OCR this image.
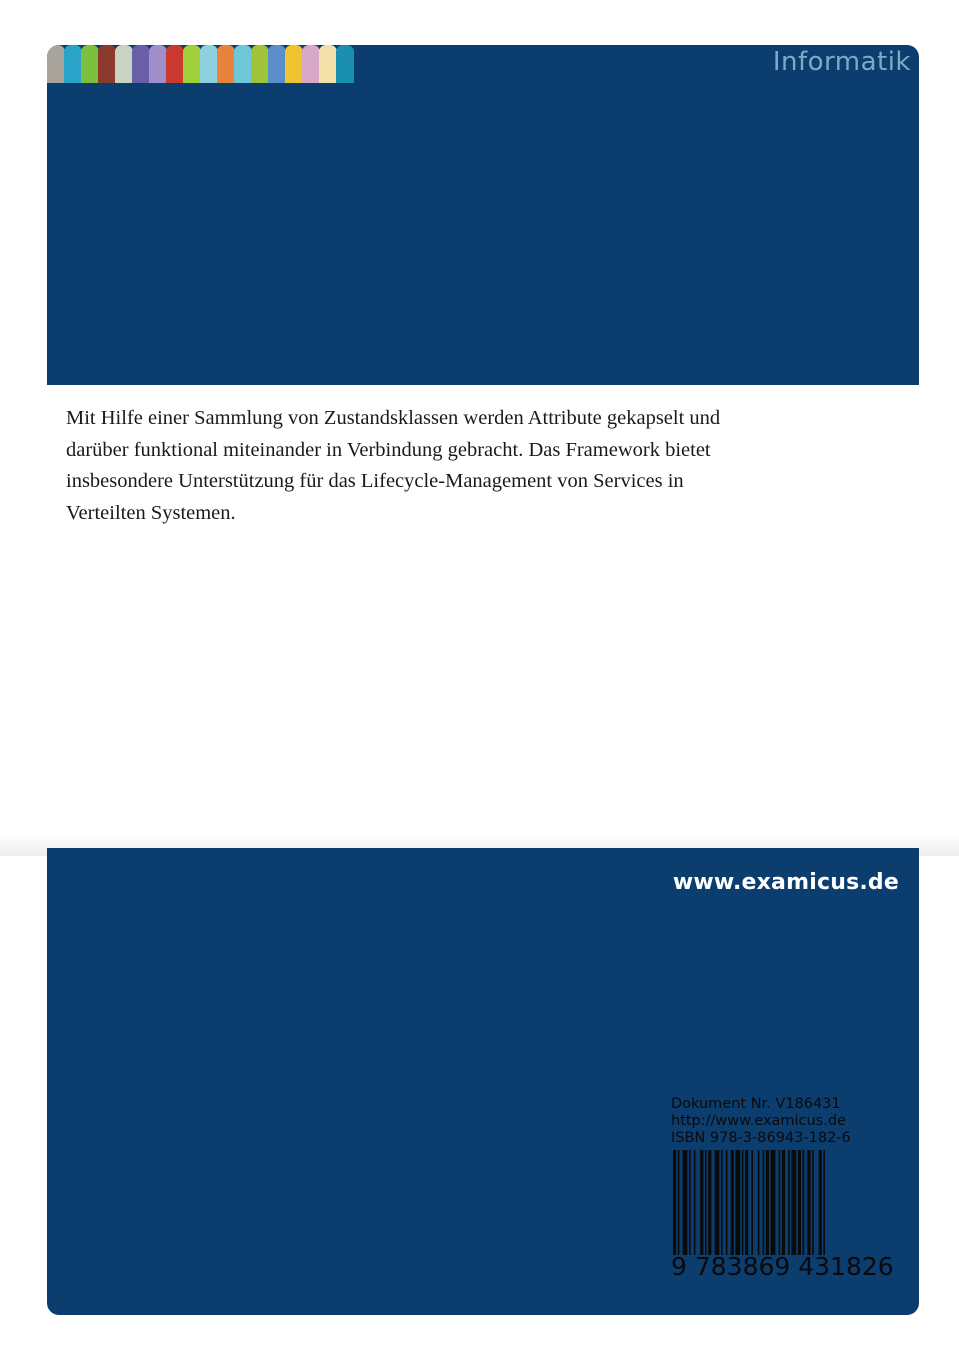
Informatik
Mit Hilfe einer Sammlung von Zustandsklassen werden Attribute gekapselt und
darüber funktional miteinander in Verbindung gebracht. Das Framework bietet
insbesondere Unterstützung für das Lifecycle-Management von Services in
Verteilten Systemen.
www.examicus.de
Dokument Nr. V186431
http://www.examicus.de
ISBN 978-3-86943-182-6
9 783869 431826
